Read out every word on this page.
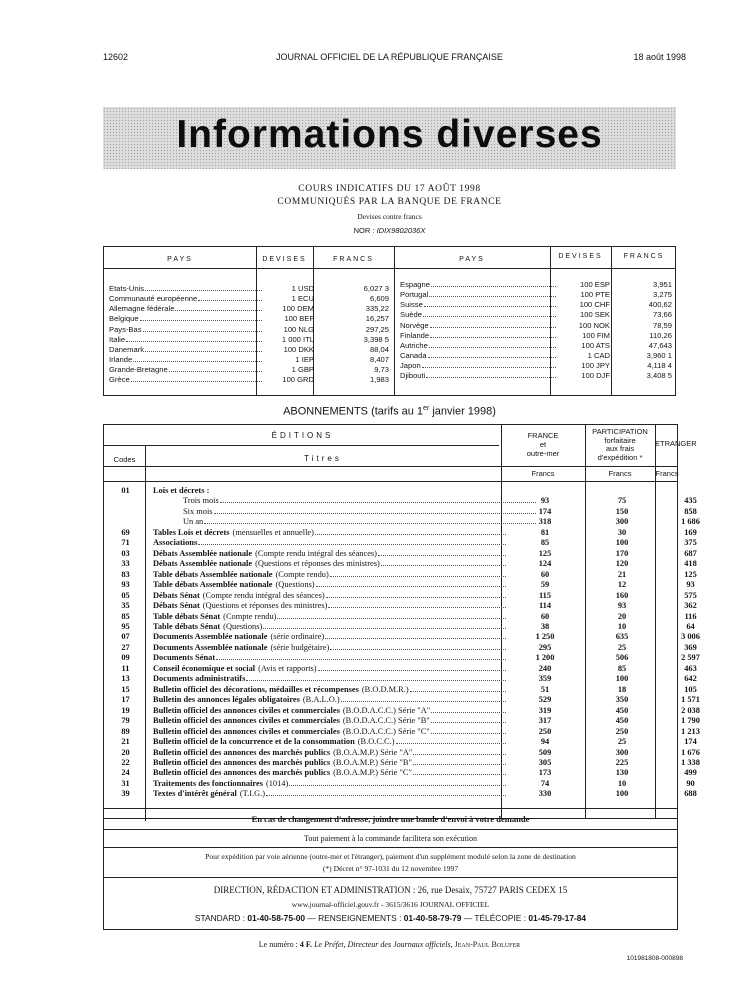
12602	JOURNAL OFFICIEL DE LA RÉPUBLIQUE FRANÇAISE	18 août 1998
Informations diverses
COURS INDICATIFS DU 17 AOÛT 1998
COMMUNIQUÉS PAR LA BANQUE DE FRANCE
Devises contre francs
NOR : IDIX9802036X
PAYS	DEVISES	FRANCS	PAYS	DEVISES	FRANCS
Etats-Unis	1 USD	6,027 3
Communauté européenne	1 ECU	6,609
Allemagne fédérale	100 DEM	335,22
Belgique	100 BEF	16,257
Pays-Bas	100 NLG	297,25
Italie	1 000 ITL	3,398 5
Danemark	100 DKK	88,04
Irlande	1 IEP	8,407
Grande-Bretagne	1 GBP	9,73
Grèce	100 GRD	1,983
Espagne	100 ESP	3,951
Portugal	100 PTE	3,275
Suisse	100 CHF	400,62
Suède	100 SEK	73,66
Norvège	100 NOK	78,59
Finlande	100 FIM	110,26
Autriche	100 ATS	47,643
Canada	1 CAD	3,960 1
Japon	100 JPY	4,118 4
Djibouti	100 DJF	3,408 5
ABONNEMENTS (tarifs au 1er janvier 1998)
ÉDITIONS
Codes	Titres
FRANCE
et
outre-mer
PARTICIPATION
forfaitaire
aux frais
d'expédition *
ETRANGER
Francs	Francs	Francs
01	Lois et décrets :
Trois mois	93	75	435
Six mois	174	150	858
Un an	318	300	1 686
69	Tables Lois et décrets (mensuelles et annuelle)	81	30	169
71	Associations	85	100	375
03	Débats Assemblée nationale (Compte rendu intégral des séances)	125	170	687
33	Débats Assemblée nationale (Questions et réponses des ministres)	124	120	418
83	Table débats Assemblée nationale (Compte rendu)	60	21	125
93	Table débats Assemblée nationale (Questions)	59	12	93
05	Débats Sénat (Compte rendu intégral des séances)	115	160	575
35	Débats Sénat (Questions et réponses des ministres)	114	93	362
85	Table débats Sénat (Compte rendu)	60	20	116
95	Table débats Sénat (Questions)	38	10	64
07	Documents Assemblée nationale (série ordinaire)	1 250	635	3 006
27	Documents Assemblée nationale (série budgétaire)	295	25	369
09	Documents Sénat	1 200	506	2 597
11	Conseil économique et social (Avis et rapports)	240	85	463
13	Documents administratifs	359	100	642
15	Bulletin officiel des décorations, médailles et récompenses (B.O.D.M.R.)	51	18	105
17	Bulletin des annonces légales obligatoires (B.A.L.O.)	529	350	1 571
19	Bulletin officiel des annonces civiles et commerciales (B.O.D.A.C.C.) Série "A"	319	450	2 038
79	Bulletin officiel des annonces civiles et commerciales (B.O.D.A.C.C.) Série "B"	317	450	1 790
89	Bulletin officiel des annonces civiles et commerciales (B.O.D.A.C.C.) Série "C"	250	250	1 213
21	Bulletin officiel de la concurrence et de la consommation (B.O.C.C.)	94	25	174
20	Bulletin officiel des annonces des marchés publics (B.O.A.M.P.) Série "A"	509	300	1 676
22	Bulletin officiel des annonces des marchés publics (B.O.A.M.P.) Série "B"	305	225	1 338
24	Bulletin officiel des annonces des marchés publics (B.O.A.M.P.) Série "C"	173	130	499
31	Traitements des fonctionnaires (1014)	74	10	90
39	Textes d'intérêt général (T.I.G.)	330	100	688
En cas de changement d'adresse, joindre une bande d'envoi à votre demande
Tout paiement à la commande facilitera son exécution
Pour expédition par voie aérienne (outre-mer et l'étranger), paiement d'un supplément modulé selon la zone de destination
(*) Décret n° 97-1031 du 12 novembre 1997
DIRECTION, RÉDACTION ET ADMINISTRATION : 26, rue Desaix, 75727 PARIS CEDEX 15
www.journal-officiel.gouv.fr - 3615/3616 JOURNAL OFFICIEL
STANDARD : 01-40-58-75-00 — RENSEIGNEMENTS : 01-40-58-79-79 — TÉLÉCOPIE : 01-45-79-17-84
Le numéro : 4 F. Le Préfet, Directeur des Journaux officiels, Jean-Paul Bolufer
101981808-000898
